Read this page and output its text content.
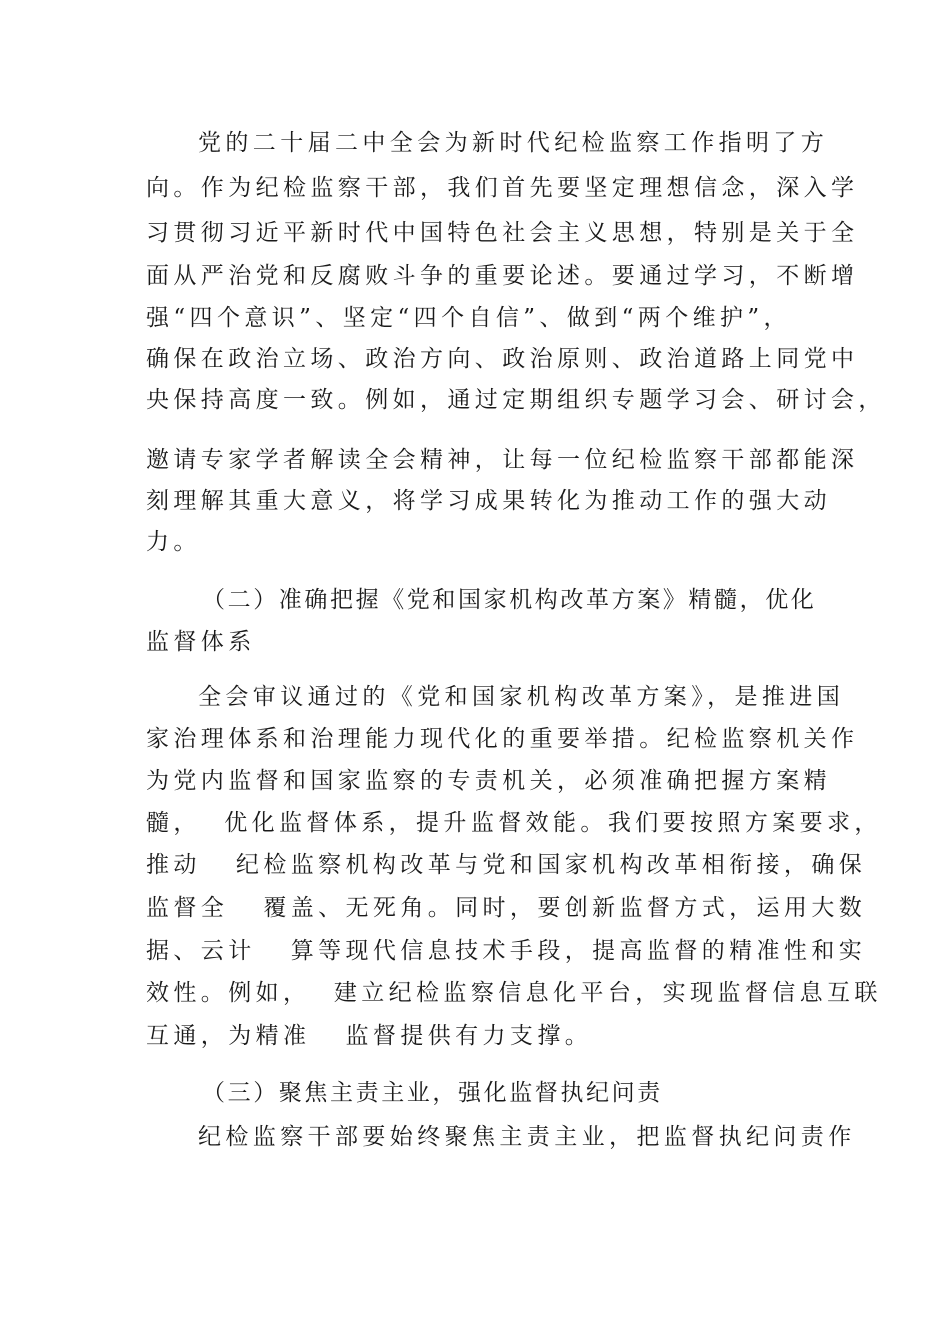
党的二十届二中全会为新时代纪检监察工作指明了方
向。作为纪检监察干部，我们首先要坚定理想信念，深入学
习贯彻习近平新时代中国特色社会主义思想，特别是关于全
面从严治党和反腐败斗争的重要论述。要通过学习，不断增
强“四个意识”、坚定“四个自信”、做到“两个维护”，
确保在政治立场、政治方向、政治原则、政治道路上同党中
央保持高度一致。例如，通过定期组织专题学习会、研讨会，
邀请专家学者解读全会精神，让每一位纪检监察干部都能深
刻理解其重大意义，将学习成果转化为推动工作的强大动
力。
（二）准确把握《党和国家机构改革方案》精髓，优化
监督体系
全会审议通过的《党和国家机构改革方案》，是推进国
家治理体系和治理能力现代化的重要举措。纪检监察机关作
为党内监督和国家监察的专责机关，必须准确把握方案精
髓，  优化监督体系，提升监督效能。我们要按照方案要求，
推动   纪检监察机构改革与党和国家机构改革相衔接，确保
监督全   覆盖、无死角。同时，要创新监督方式，运用大数
据、云计   算等现代信息技术手段，提高监督的精准性和实
效性。例如，  建立纪检监察信息化平台，实现监督信息互联
互通，为精准   监督提供有力支撑。
（三）聚焦主责主业，强化监督执纪问责
纪检监察干部要始终聚焦主责主业，把监督执纪问责作
